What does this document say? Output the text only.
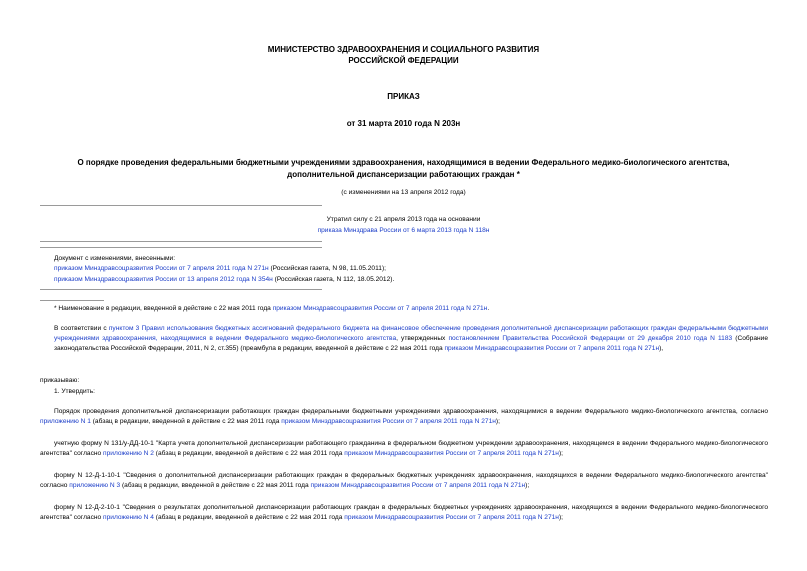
МИНИСТЕРСТВО ЗДРАВООХРАНЕНИЯ И СОЦИАЛЬНОГО РАЗВИТИЯ
РОССИЙСКОЙ ФЕДЕРАЦИИ
ПРИКАЗ
от 31 марта 2010 года N 203н
О порядке проведения федеральными бюджетными учреждениями здравоохранения, находящимися в ведении Федерального медико-биологического агентства,
дополнительной диспансеризации работающих граждан *
(с изменениями на 13 апреля 2012 года)
Утратил силу с 21 апреля 2013 года на основании
приказа Минздрава России от 6 марта 2013 года N 118н
Документ с изменениями, внесенными:
приказом Минздравсоцразвития России от 7 апреля 2011 года N 271н (Российская газета, N 98, 11.05.2011);
приказом Минздравсоцразвития России от 13 апреля 2012 года N 354н (Российская газета, N 112, 18.05.2012).
* Наименование в редакции, введенной в действие с 22 мая 2011 года приказом Минздравсоцразвития России от 7 апреля 2011 года N 271н.
В соответствии с пунктом 3 Правил использования бюджетных ассигнований федерального бюджета на финансовое обеспечение проведения дополнительной диспансеризации работающих граждан федеральными бюджетными учреждениями здравоохранения, находящимися в ведении Федерального медико-биологического агентства, утвержденных постановлением Правительства Российской Федерации от 29 декабря 2010 года N 1183 (Собрание законодательства Российской Федерации, 2011, N 2, ст.355) (преамбула в редакции, введенной в действие с 22 мая 2011 года приказом Минздравсоцразвития России от 7 апреля 2011 года N 271н),
приказываю:
1. Утвердить:
Порядок проведения дополнительной диспансеризации работающих граждан федеральными бюджетными учреждениями здравоохранения, находящимися в ведении Федерального медико-биологического агентства, согласно приложению N 1 (абзац в редакции, введенной в действие с 22 мая 2011 года приказом Минздравсоцразвития России от 7 апреля 2011 года N 271н);
учетную форму N 131/у-ДД-10-1 "Карта учета дополнительной диспансеризации работающего гражданина в федеральном бюджетном учреждении здравоохранения, находящемся в ведении Федерального медико-биологического агентства" согласно приложению N 2 (абзац в редакции, введенной в действие с 22 мая 2011 года приказом Минздравсоцразвития России от 7 апреля 2011 года N 271н);
форму N 12-Д-1-10-1 "Сведения о дополнительной диспансеризации работающих граждан в федеральных бюджетных учреждениях здравоохранения, находящихся в ведении Федерального медико-биологического агентства" согласно приложению N 3 (абзац в редакции, введенной в действие с 22 мая 2011 года приказом Минздравсоцразвития России от 7 апреля 2011 года N 271н);
форму N 12-Д-2-10-1 "Сведения о результатах дополнительной диспансеризации работающих граждан в федеральных бюджетных учреждениях здравоохранения, находящихся в ведении Федерального медико-биологического агентства" согласно приложению N 4 (абзац в редакции, введенной в действие с 22 мая 2011 года приказом Минздравсоцразвития России от 7 апреля 2011 года N 271н);
